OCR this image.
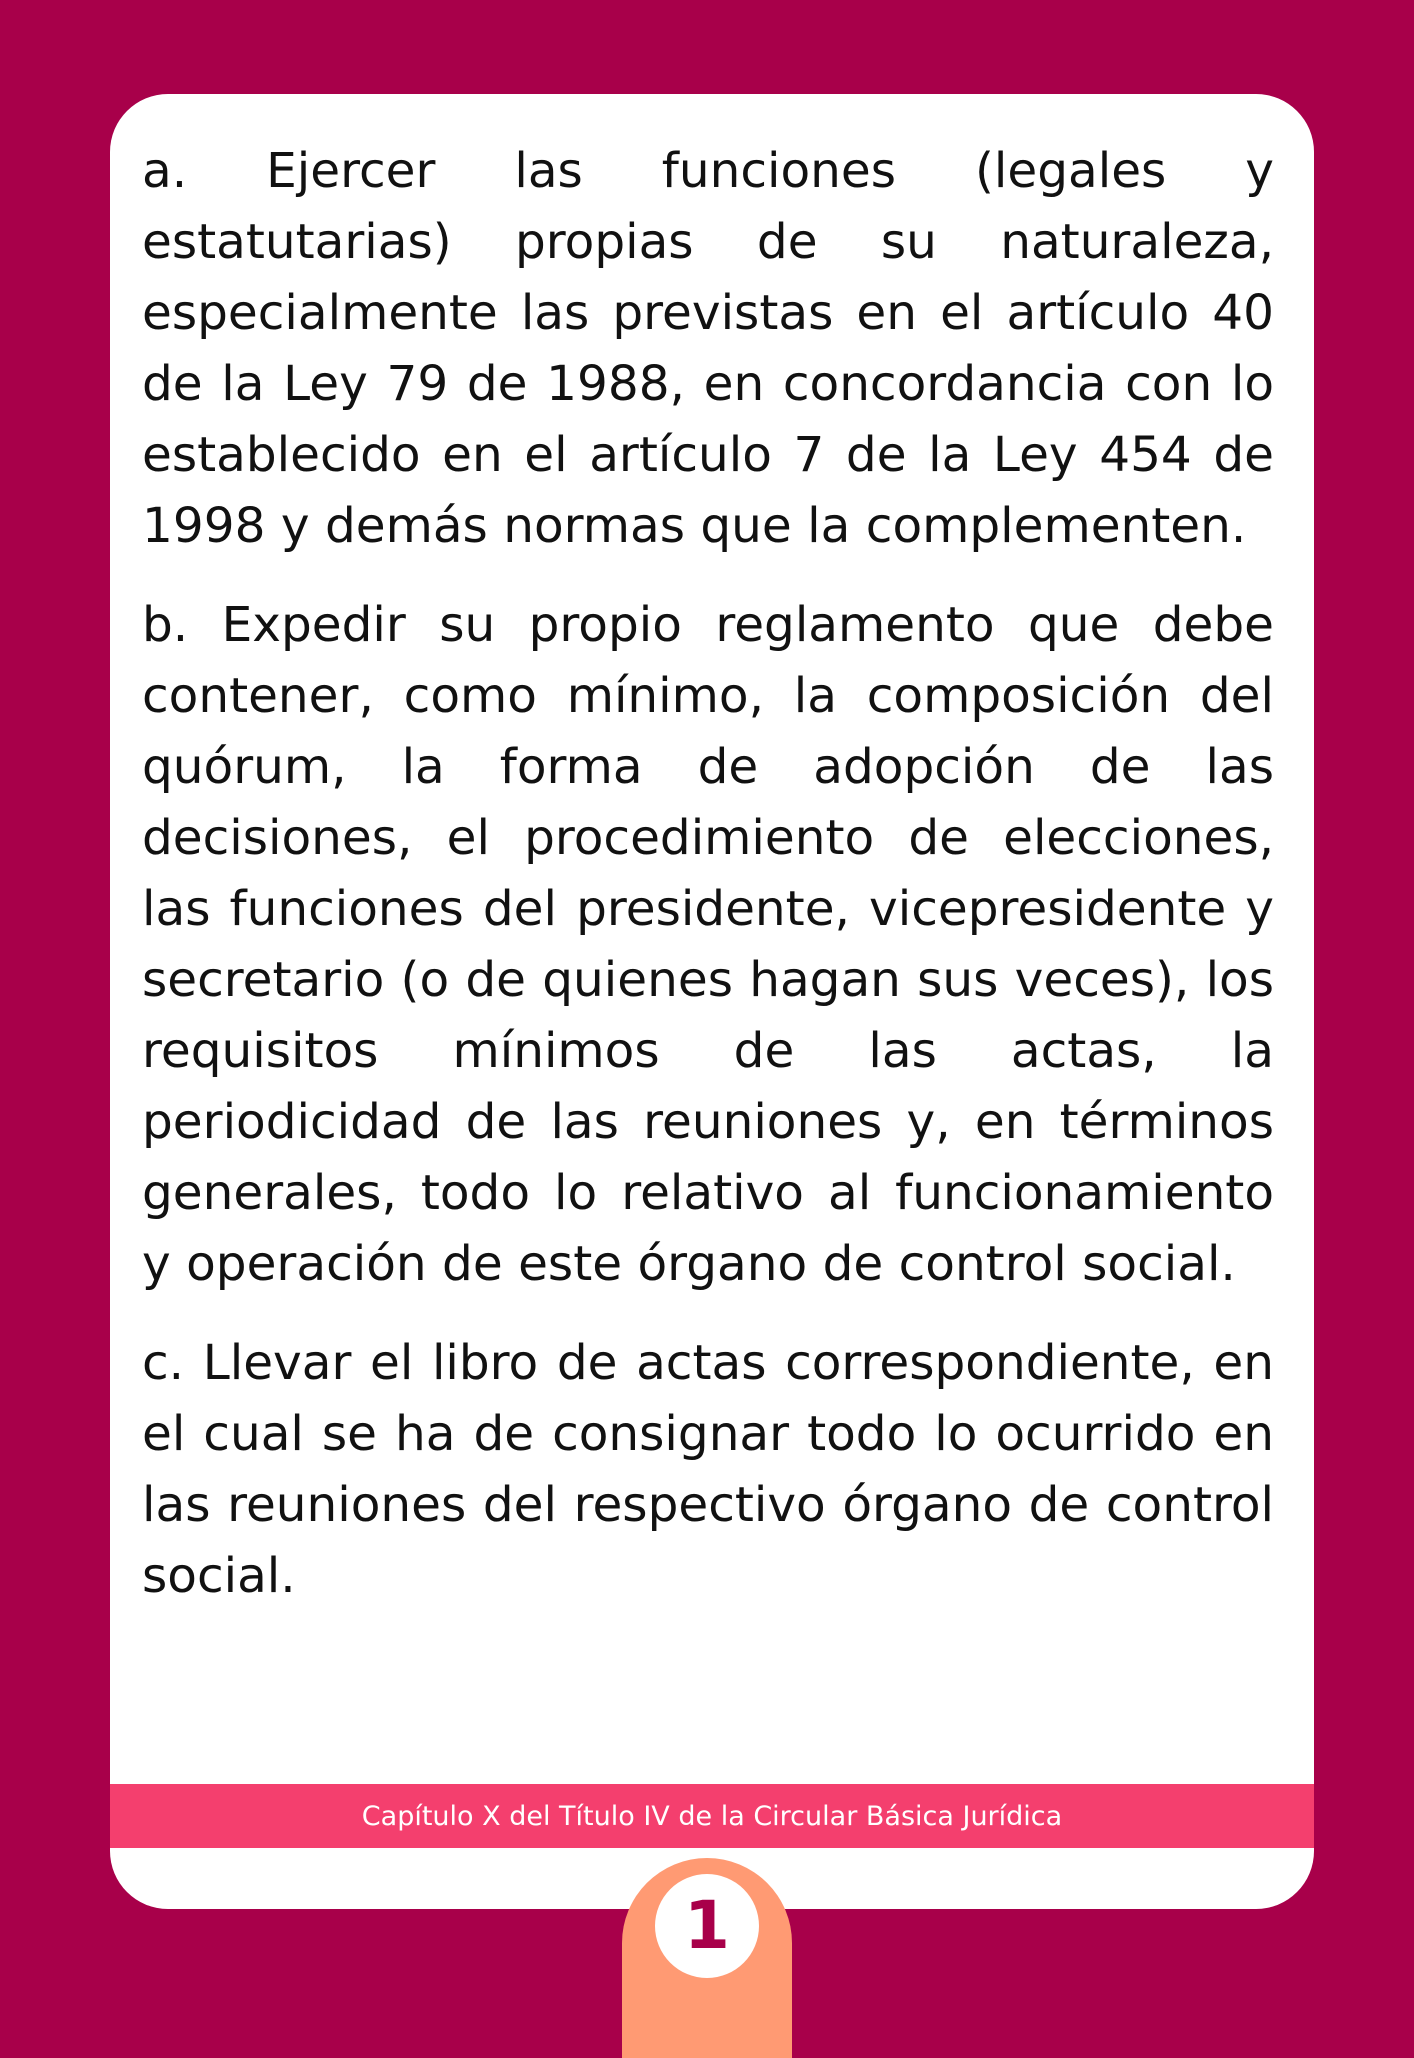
a. Ejercer las funciones (legales y estatutarias) propias de su naturaleza, especialmente las previstas en el artículo 40 de la Ley 79 de 1988, en concordancia con lo establecido en el artículo 7 de la Ley 454 de 1998 y demás normas que la complementen.

b. Expedir su propio reglamento que debe contener, como mínimo, la composición del quórum, la forma de adopción de las decisiones, el procedimiento de elecciones, las funciones del presidente, vicepresidente y secretario (o de quienes hagan sus veces), los requisitos mínimos de las actas, la periodicidad de las reuniones y, en términos generales, todo lo relativo al funcionamiento y operación de este órgano de control social.

c. Llevar el libro de actas correspondiente, en el cual se ha de consignar todo lo ocurrido en las reuniones del respectivo órgano de control social.

Capítulo X del Título IV de la Circular Básica Jurídica
1
